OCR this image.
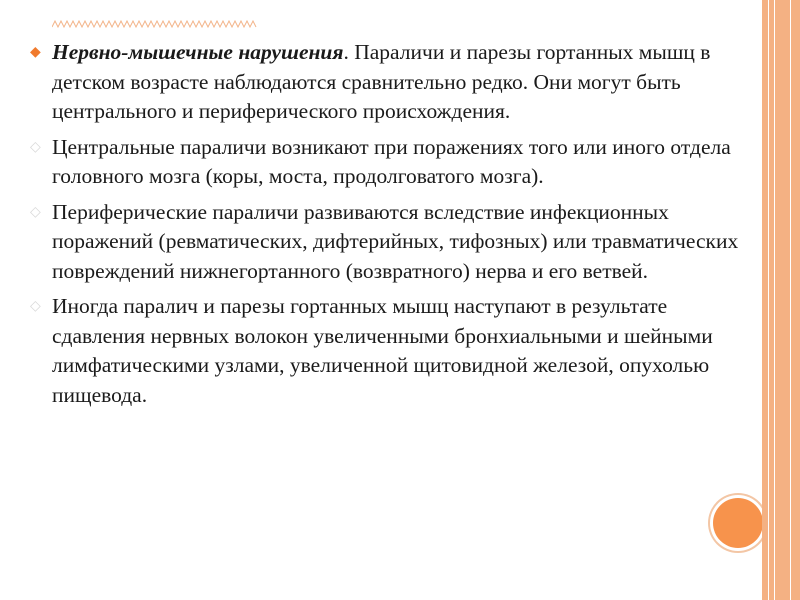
◆ Нервно-мышечные нарушения. Параличи и парезы гортанных мышц в детском возрасте наблюдаются сравнительно редко. Они могут быть центрального и периферического происхождения.
◇ Центральные параличи возникают при поражениях того или иного отдела головного мозга (коры, моста, продолговатого мозга).
◇ Периферические параличи развиваются вследствие инфекционных поражений (ревматических, дифтерийных, тифозных) или травматических повреждений нижнегортанного (возвратного) нерва и его ветвей.
◇ Иногда паралич и парезы гортанных мышц наступают в результате сдавления нервных волокон увеличенными бронхиальными и шейными лимфатическими узлами, увеличенной щитовидной железой, опухолью пищевода.
